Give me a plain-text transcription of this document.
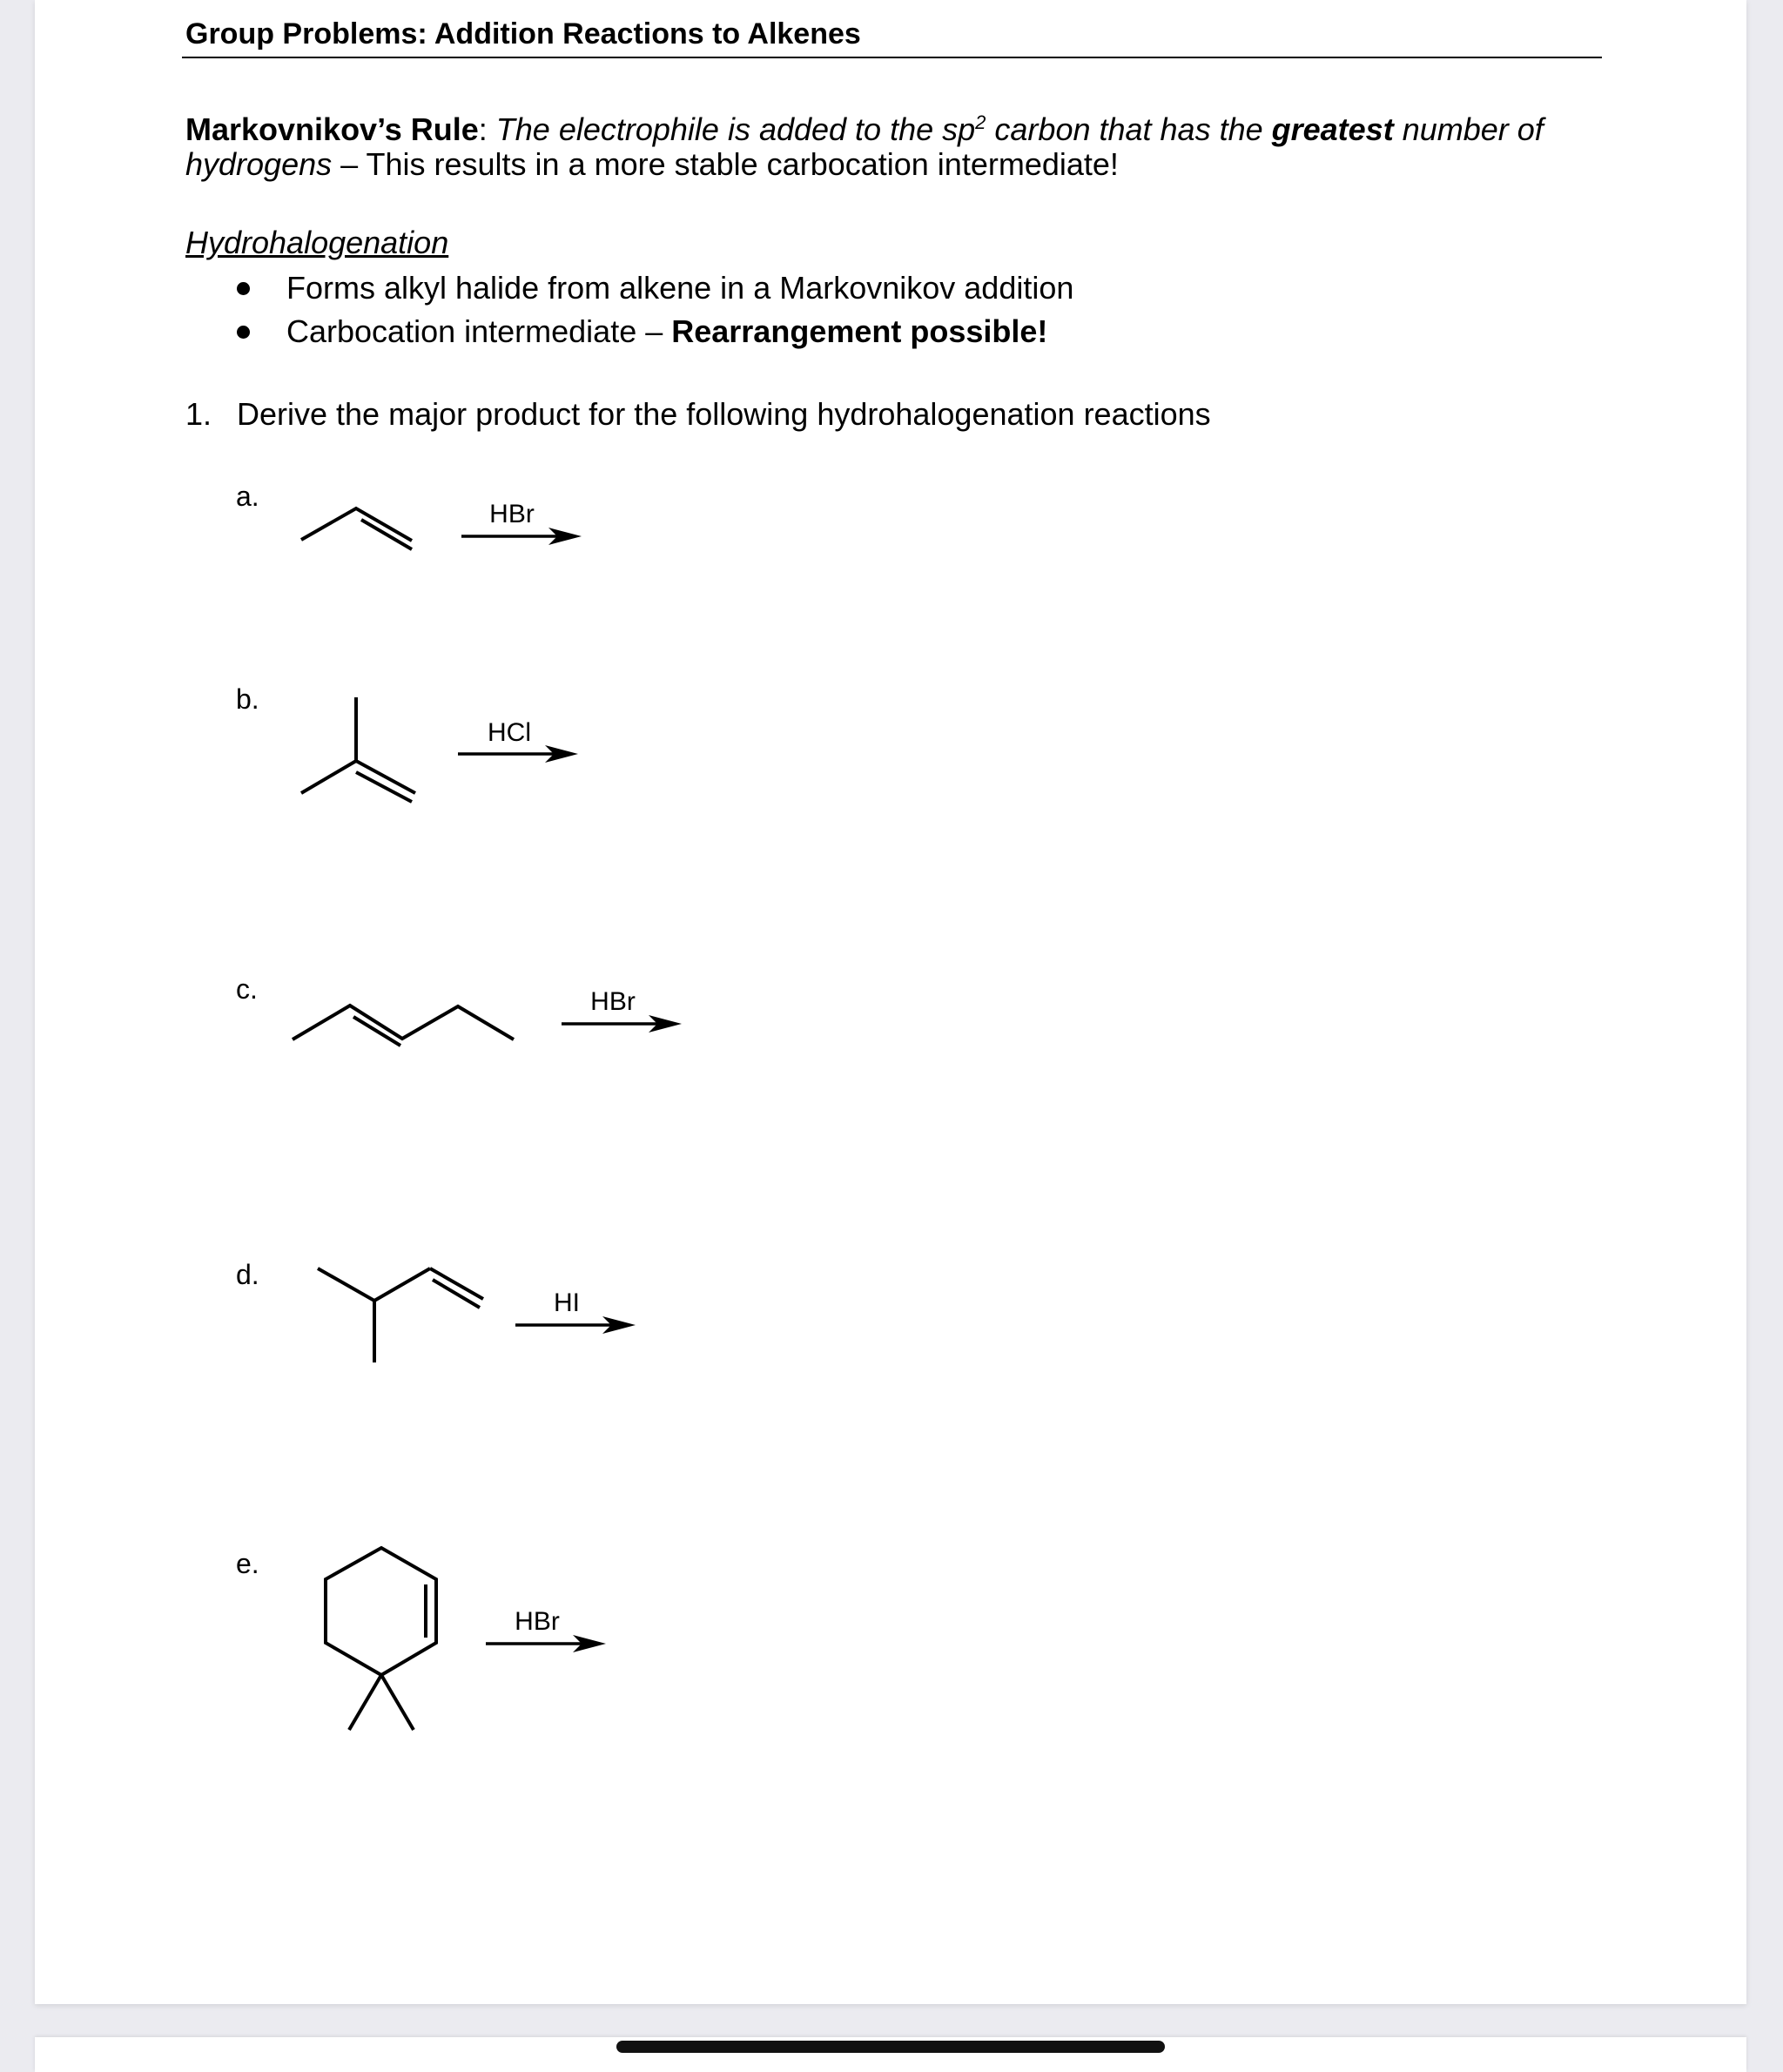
Group Problems: Addition Reactions to Alkenes
Markovnikov’s Rule: The electrophile is added to the $sp^2$ carbon that has the greatest number of
hydrogens – This results in a more stable carbocation intermediate!
Hydrohalogenation
Forms alkyl halide from alkene in a Markovnikov addition
Carbocation intermediate – Rearrangement possible!
1. Derive the major product for the following hydrohalogenation reactions
a.
b.
c.
d.
e.
HBr
HCl
HBr
HI
HBr
